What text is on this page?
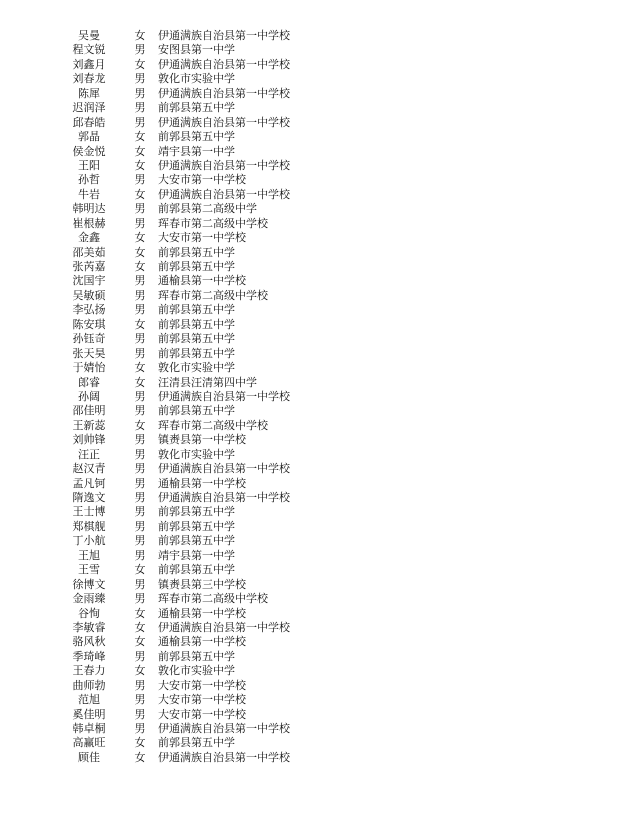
吴曼	女	伊通满族自治县第一中学校
程文锐	男	安图县第一中学
刘鑫月	女	伊通满族自治县第一中学校
刘春龙	男	敦化市实验中学
陈犀	男	伊通满族自治县第一中学校
迟润泽	男	前郭县第五中学
邱春皓	男	伊通满族自治县第一中学校
郭晶	女	前郭县第五中学
侯金悦	女	靖宇县第一中学
王阳	女	伊通满族自治县第一中学校
孙哲	男	大安市第一中学校
牛岩	女	伊通满族自治县第一中学校
韩明达	男	前郭县第二高级中学
崔根赫	男	珲春市第二高级中学校
金鑫	女	大安市第一中学校
邵美茹	女	前郭县第五中学
张芮嘉	女	前郭县第五中学
沈国宇	男	通榆县第一中学校
吴敏硕	男	珲春市第二高级中学校
李弘扬	男	前郭县第五中学
陈安琪	女	前郭县第五中学
孙钰奇	男	前郭县第五中学
张天昊	男	前郭县第五中学
于婧怡	女	敦化市实验中学
郎睿	女	汪清县汪清第四中学
孙阔	男	伊通满族自治县第一中学校
邵佳明	男	前郭县第五中学
王新蕊	女	珲春市第二高级中学校
刘帅锋	男	镇赉县第一中学校
汪正	男	敦化市实验中学
赵汉青	男	伊通满族自治县第一中学校
孟凡钶	男	通榆县第一中学校
隋逸文	男	伊通满族自治县第一中学校
王士博	男	前郭县第五中学
郑棋舰	男	前郭县第五中学
丁小航	男	前郭县第五中学
王旭	男	靖宇县第一中学
王雪	女	前郭县第五中学
徐博文	男	镇赉县第三中学校
金雨臻	男	珲春市第二高级中学校
谷恂	女	通榆县第一中学校
李敏睿	女	伊通满族自治县第一中学校
骆风秋	女	通榆县第一中学校
季琦峰	男	前郭县第五中学
王春力	女	敦化市实验中学
曲师勃	男	大安市第一中学校
范旭	男	大安市第一中学校
奚佳明	男	大安市第一中学校
韩卓桐	男	伊通满族自治县第一中学校
高赢旺	女	前郭县第五中学
顾佳	女	伊通满族自治县第一中学校
